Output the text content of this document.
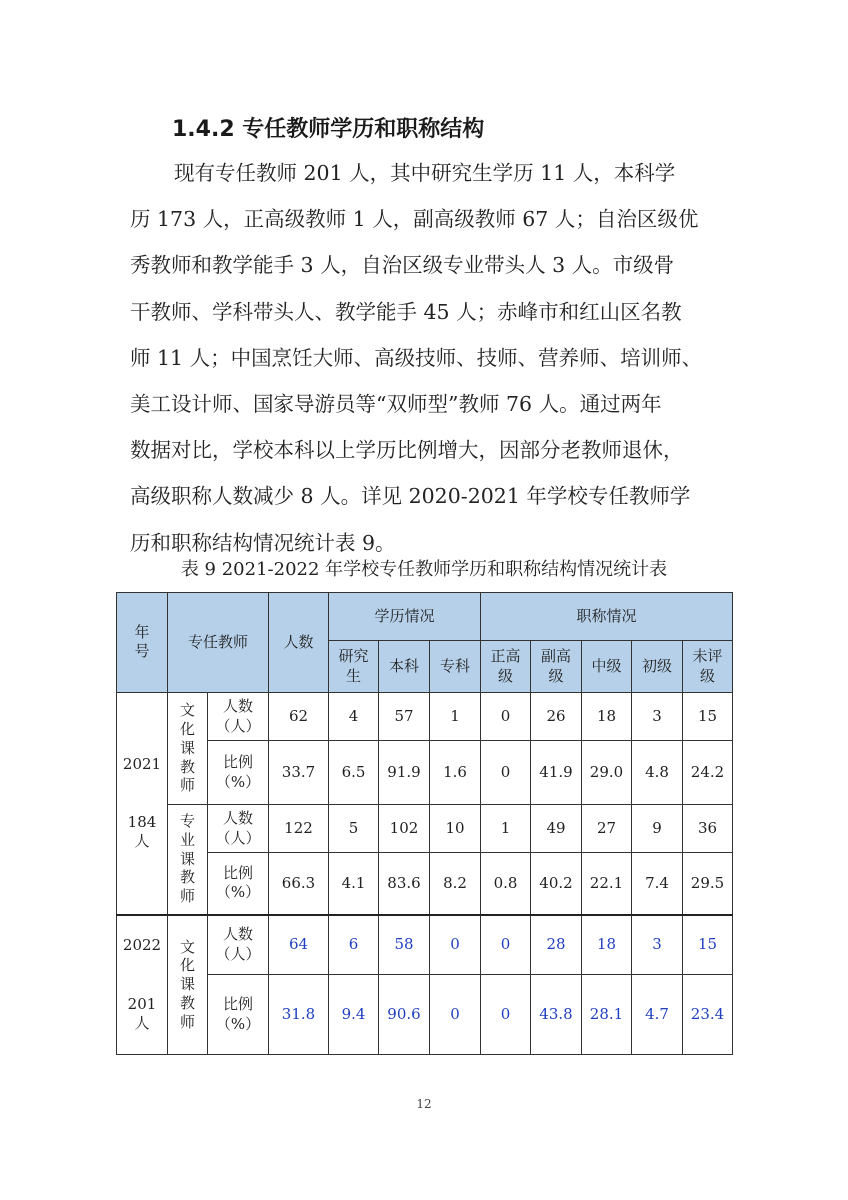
1.4.2 专任教师学历和职称结构
现有专任教师 201 人，其中研究生学历 11 人，本科学
历 173 人，正高级教师 1 人，副高级教师 67 人；自治区级优
秀教师和教学能手 3 人，自治区级专业带头人 3 人。市级骨
干教师、学科带头人、教学能手 45 人；赤峰市和红山区名教
师 11 人；中国烹饪大师、高级技师、技师、营养师、培训师、
美工设计师、国家导游员等“双师型”教师 76 人。通过两年
数据对比，学校本科以上学历比例增大，因部分老教师退休，
高级职称人数减少 8 人。详见 2020-2021 年学校专任教师学
历和职称结构情况统计表 9。
表 9 2021-2022 年学校专任教师学历和职称结构情况统计表
年号	专任教师		人数	学历情况			职称情况				
				研究生	本科	专科	正高级	副高级	中级	初级	未评级

2021

184人	文化课教师	人数（人）	62	4	57	1	0	26	18	3	15
		比例（%）	33.7	6.5	91.9	1.6	0	41.9	29.0	4.8	24.2
	专业课教师	人数（人）	122	5	102	10	1	49	27	9	36
		比例（%）	66.3	4.1	83.6	8.2	0.8	40.2	22.1	7.4	29.5

2022

201人	文化课教师	人数（人）	64	6	58	0	0	28	18	3	15
		比例（%）	31.8	9.4	90.6	0	0	43.8	28.1	4.7	23.4
12
